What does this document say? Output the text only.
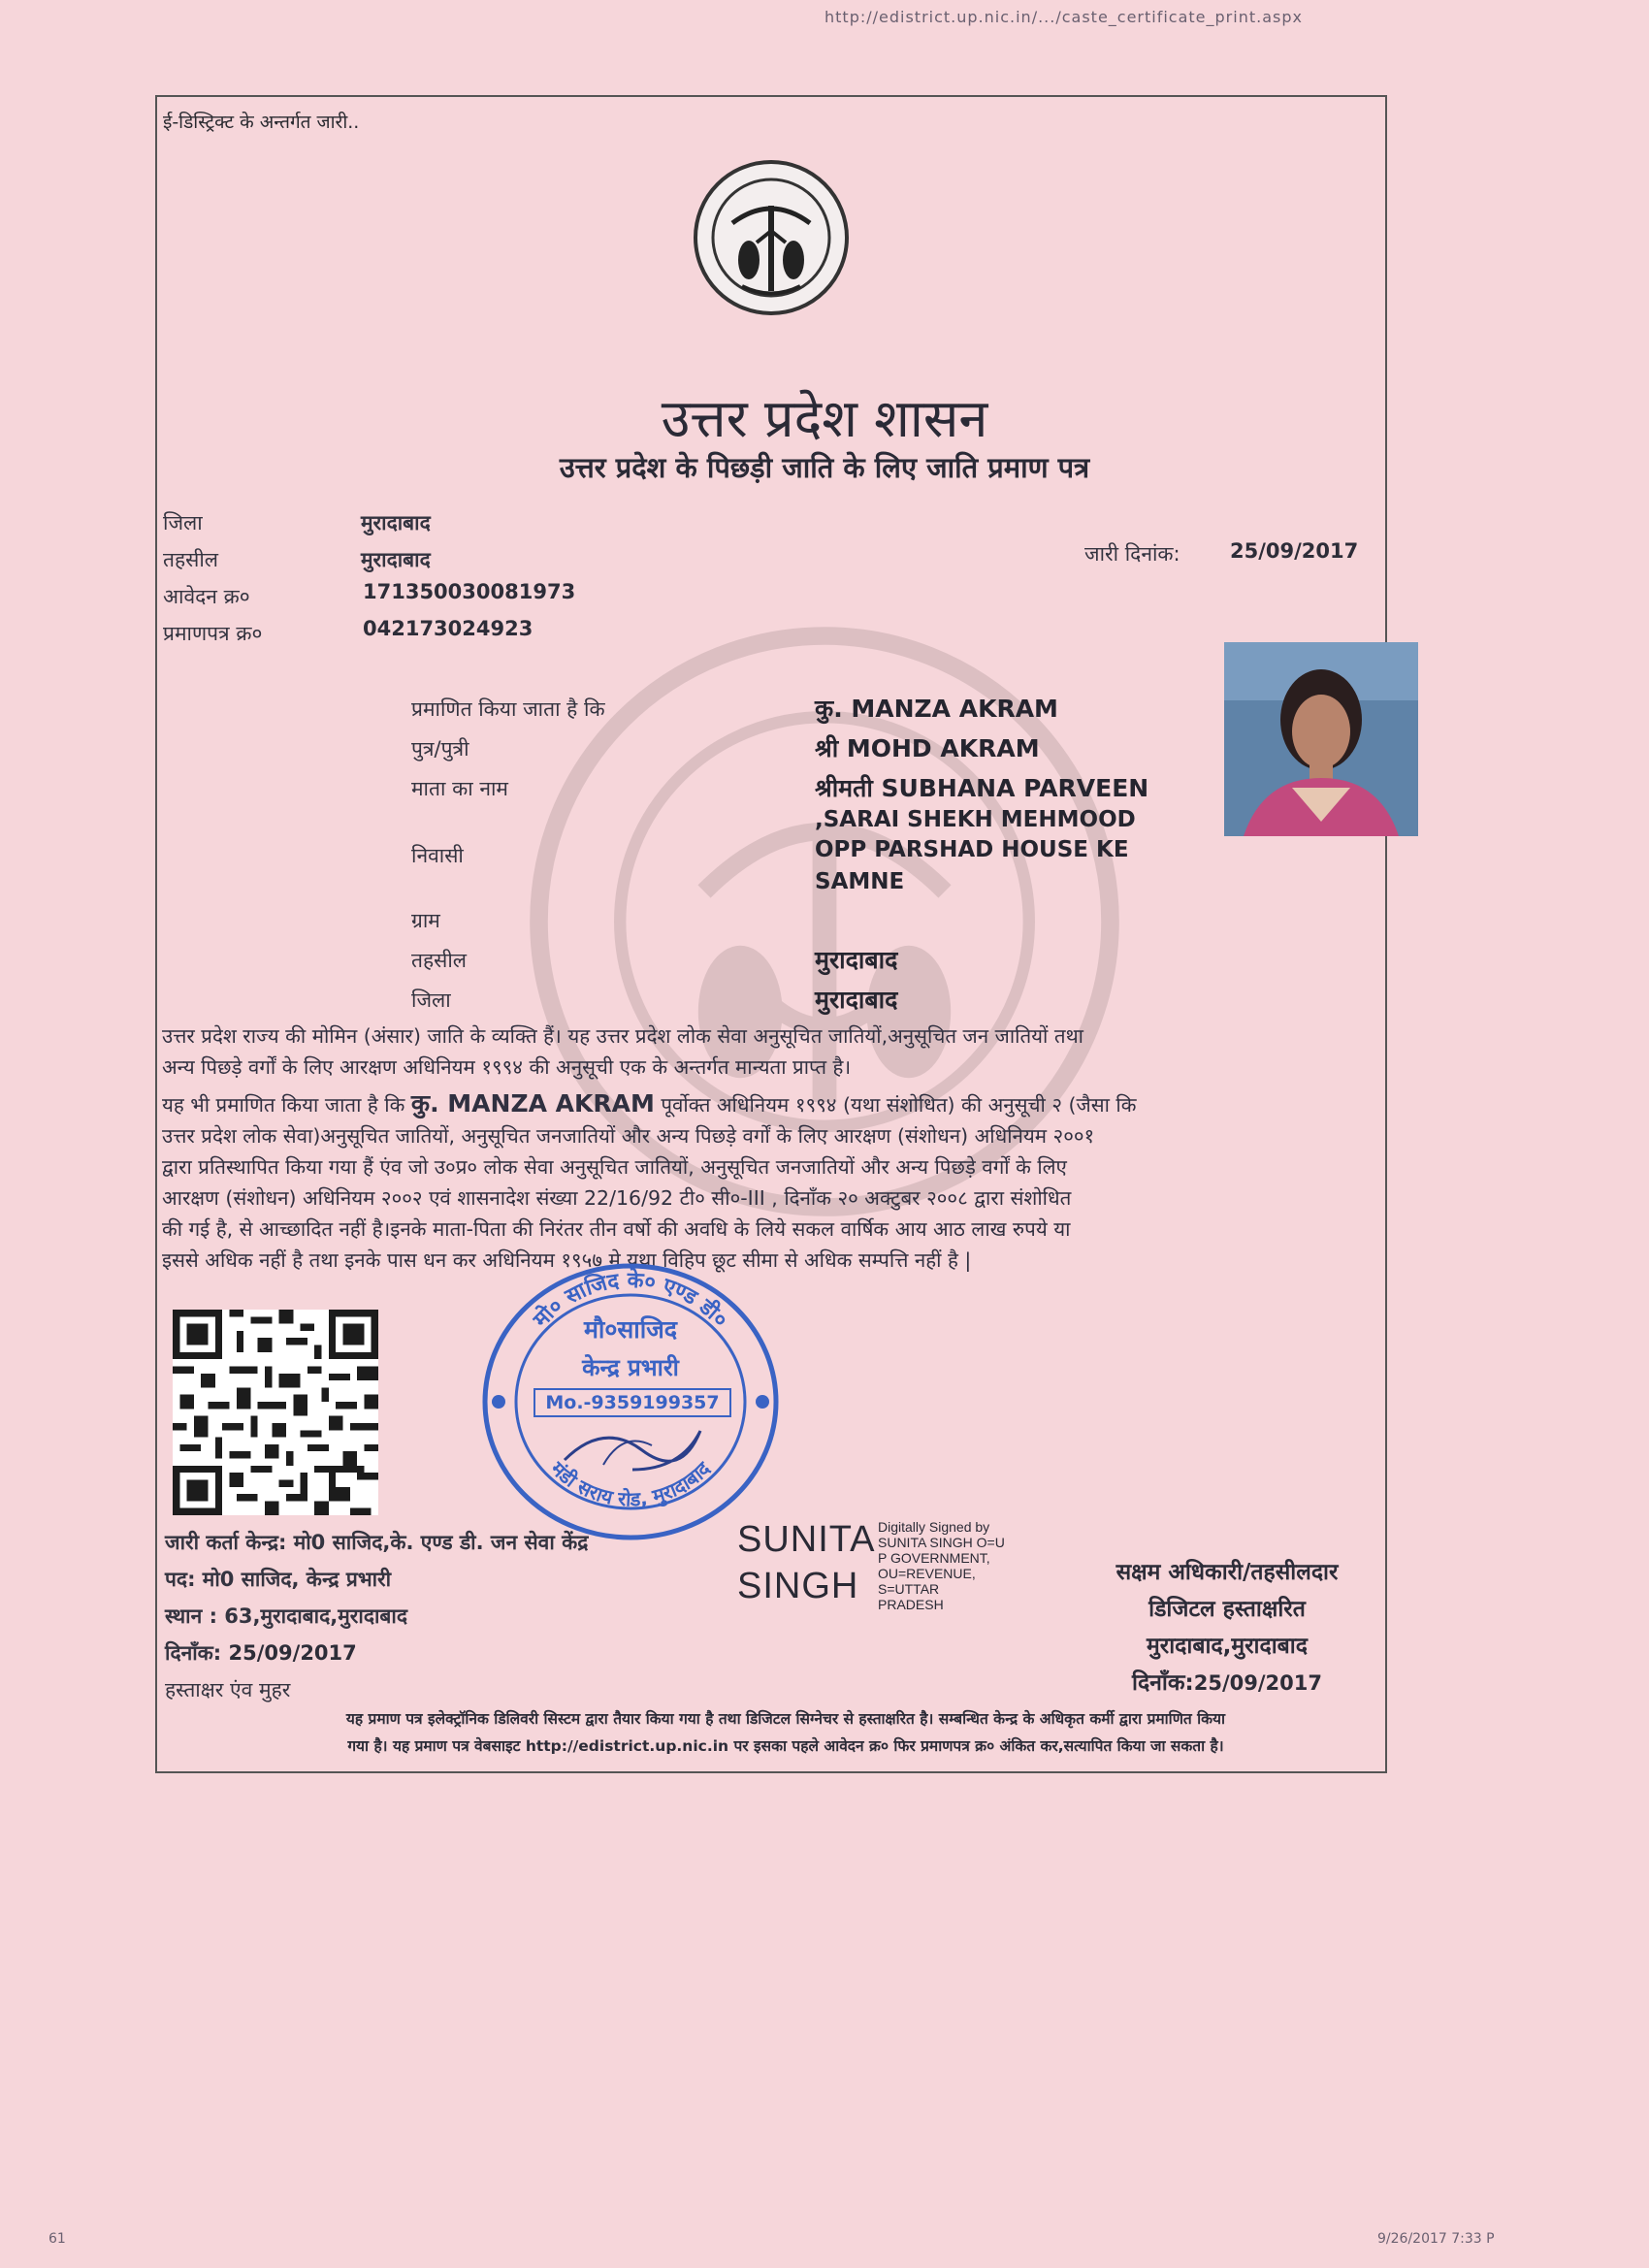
http://edistrict.up.nic.in/.../caste_certificate_print.aspx
9/26/2017 7:33 P
61
ई-डिस्ट्रिक्ट के अन्तर्गत जारी..
उत्तर प्रदेश शासन
उत्तर प्रदेश के पिछड़ी जाति के लिए जाति प्रमाण पत्र
जिला	मुरादाबाद
तहसील	मुरादाबाद
आवेदन क्र०	171350030081973
प्रमाणपत्र क्र०	042173024923
जारी दिनांक: 25/09/2017
प्रमाणित किया जाता है कि	कु. MANZA AKRAM
पुत्र/पुत्री	श्री MOHD AKRAM
माता का नाम	श्रीमती SUBHANA PARVEEN
,SARAI SHEKH MEHMOOD
निवासी	OPP PARSHAD HOUSE KE
SAMNE
ग्राम
तहसील	मुरादाबाद
जिला	मुरादाबाद
उत्तर प्रदेश राज्य की मोमिन (अंसार) जाति के व्यक्ति हैं। यह उत्तर प्रदेश लोक सेवा अनुसूचित जातियों,अनुसूचित जन जातियों तथा
अन्य पिछड़े वर्गों के लिए आरक्षण अधिनियम १९९४ की अनुसूची एक के अन्तर्गत मान्यता प्राप्त है।
यह भी प्रमाणित किया जाता है कि कु. MANZA AKRAM पूर्वोक्त अधिनियम १९९४ (यथा संशोधित) की अनुसूची २ (जैसा कि
उत्तर प्रदेश लोक सेवा)अनुसूचित जातियों, अनुसूचित जनजातियों और अन्य पिछड़े वर्गों के लिए आरक्षण (संशोधन) अधिनियम २००१
द्वारा प्रतिस्थापित किया गया हैं एंव जो उ०प्र० लोक सेवा अनुसूचित जातियों, अनुसूचित जनजातियों और अन्य पिछड़े वर्गों के लिए
आरक्षण (संशोधन) अधिनियम २००२ एवं शासनादेश संख्या 22/16/92 टी० सी०-III , दिनाँक २० अक्टुबर २००८ द्वारा संशोधित
की गई है, से आच्छादित नहीं है।इनके माता-पिता की निरंतर तीन वर्षो की अवधि के लिये सकल वार्षिक आय आठ लाख रुपये या
इससे अधिक नहीं है तथा इनके पास धन कर अधिनियम १९५७ मे यथा विहिप छूट सीमा से अधिक सम्पत्ति नहीं है |
मो० साजिद के० एण्ड डी०
मंडी सराय रोड, मुरादाबाद
मौ०साजिद
केन्द्र प्रभारी
Mo.-9359199357
जारी कर्ता केन्द्र: मो0 साजिद,के. एण्ड डी. जन सेवा केंद्र
पद: मो0 साजिद, केन्द्र प्रभारी
स्थान : 63,मुरादाबाद,मुरादाबाद
दिनाँक: 25/09/2017
हस्ताक्षर एंव मुहर
SUNITA
SINGH
Digitally Signed by
SUNITA SINGH O=U
P GOVERNMENT,
OU=REVENUE,
S=UTTAR
PRADESH
सक्षम अधिकारी/तहसीलदार
डिजिटल हस्ताक्षरित
मुरादाबाद,मुरादाबाद
दिनाँक:25/09/2017
यह प्रमाण पत्र इलेक्ट्रॉनिक डिलिवरी सिस्टम द्वारा तैयार किया गया है तथा डिजिटल सिग्नेचर से हस्ताक्षरित है। सम्बन्धित केन्द्र के अधिकृत कर्मी द्वारा प्रमाणित किया
गया है। यह प्रमाण पत्र वेबसाइट http://edistrict.up.nic.in पर इसका पहले आवेदन क्र० फिर प्रमाणपत्र क्र० अंकित कर,सत्यापित किया जा सकता है।
